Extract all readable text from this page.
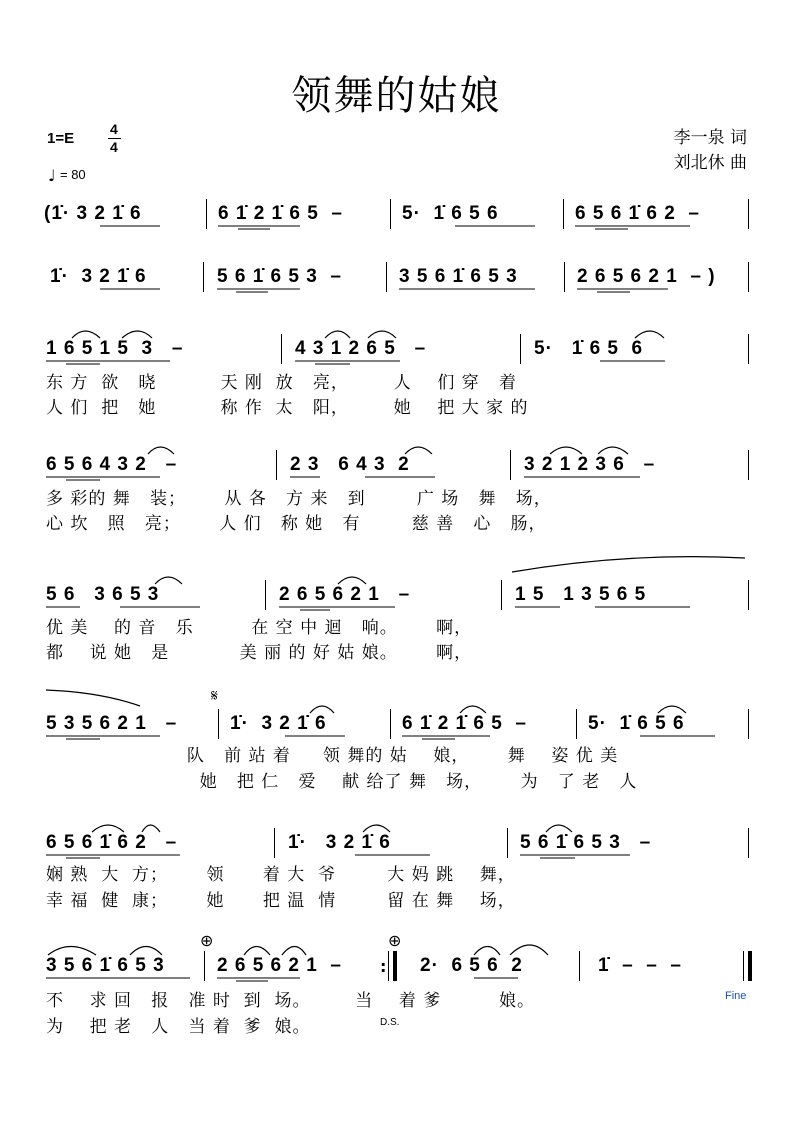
领舞的姑娘
1=E
4
4
♩ = 80
李一泉 词
刘北休 曲
(1̇· 3 2 1̇ 6	6 1̇ 2 1̇ 6 5  –	5·  1̇ 6 5 6	6 5 6 1̇ 6 2  –
1̇·  3 2 1̇ 6	5 6 1̇ 6 5 3  –	3 5 6 1̇ 6 5 3	2 6 5 6 2 1  – )
1 6 5 1 5  3   –	4 3 1 2 6 5   –	5·   1̇ 6 5  6
东 方  欲   晓          天 刚  放   亮，       人    们 穿   着
人 们  把   她          称 作  太   阳，       她    把 大 家 的
6 5 6 4 3 2   –	2 3   6 4 3  2	3 2 1 2 3 6   –
多 彩的 舞   装；      从 各   方 来   到        广 场   舞   场，
心 坎   照   亮；      人 们   称 她   有        慈 善   心   肠，
5 6   3 6 5 3	2 6 5 6 2 1   –	1 5   1 3 5 6 5
优 美    的 音   乐         在 空 中 迴   响。      啊，
都    说 她   是           美 丽 的 好 姑 娘。      啊，
𝄋
5 3 5 6 2 1   –	1̇·  3 2 1̇ 6	6 1̇ 2 1̇ 6 5  –	5·  1̇ 6 5 6
队   前 站 着     领 舞的 姑    娘，      舞    姿 优 美
她   把 仁   爱    献 给了 舞   场，      为   了 老   人
6 5 6 1̇ 6 2   –	1̇·   3 2 1̇ 6	5 6 1̇ 6 5 3   –
娴 熟  大  方；      领      着 大  爷        大 妈 跳    舞，
幸 福  健  康；      她      把 温  情        留 在 舞    场，
⊕	⊕
3 5 6 1̇ 6 5 3	2 6 5 6 2 1  – : 2·  6 5 6  2	1̇  –  –  –
不    求 回   报   准 时  到  场。       当    着 爹         娘。
为    把 老   人   当 着  爹  娘。	D.S.
Fine
